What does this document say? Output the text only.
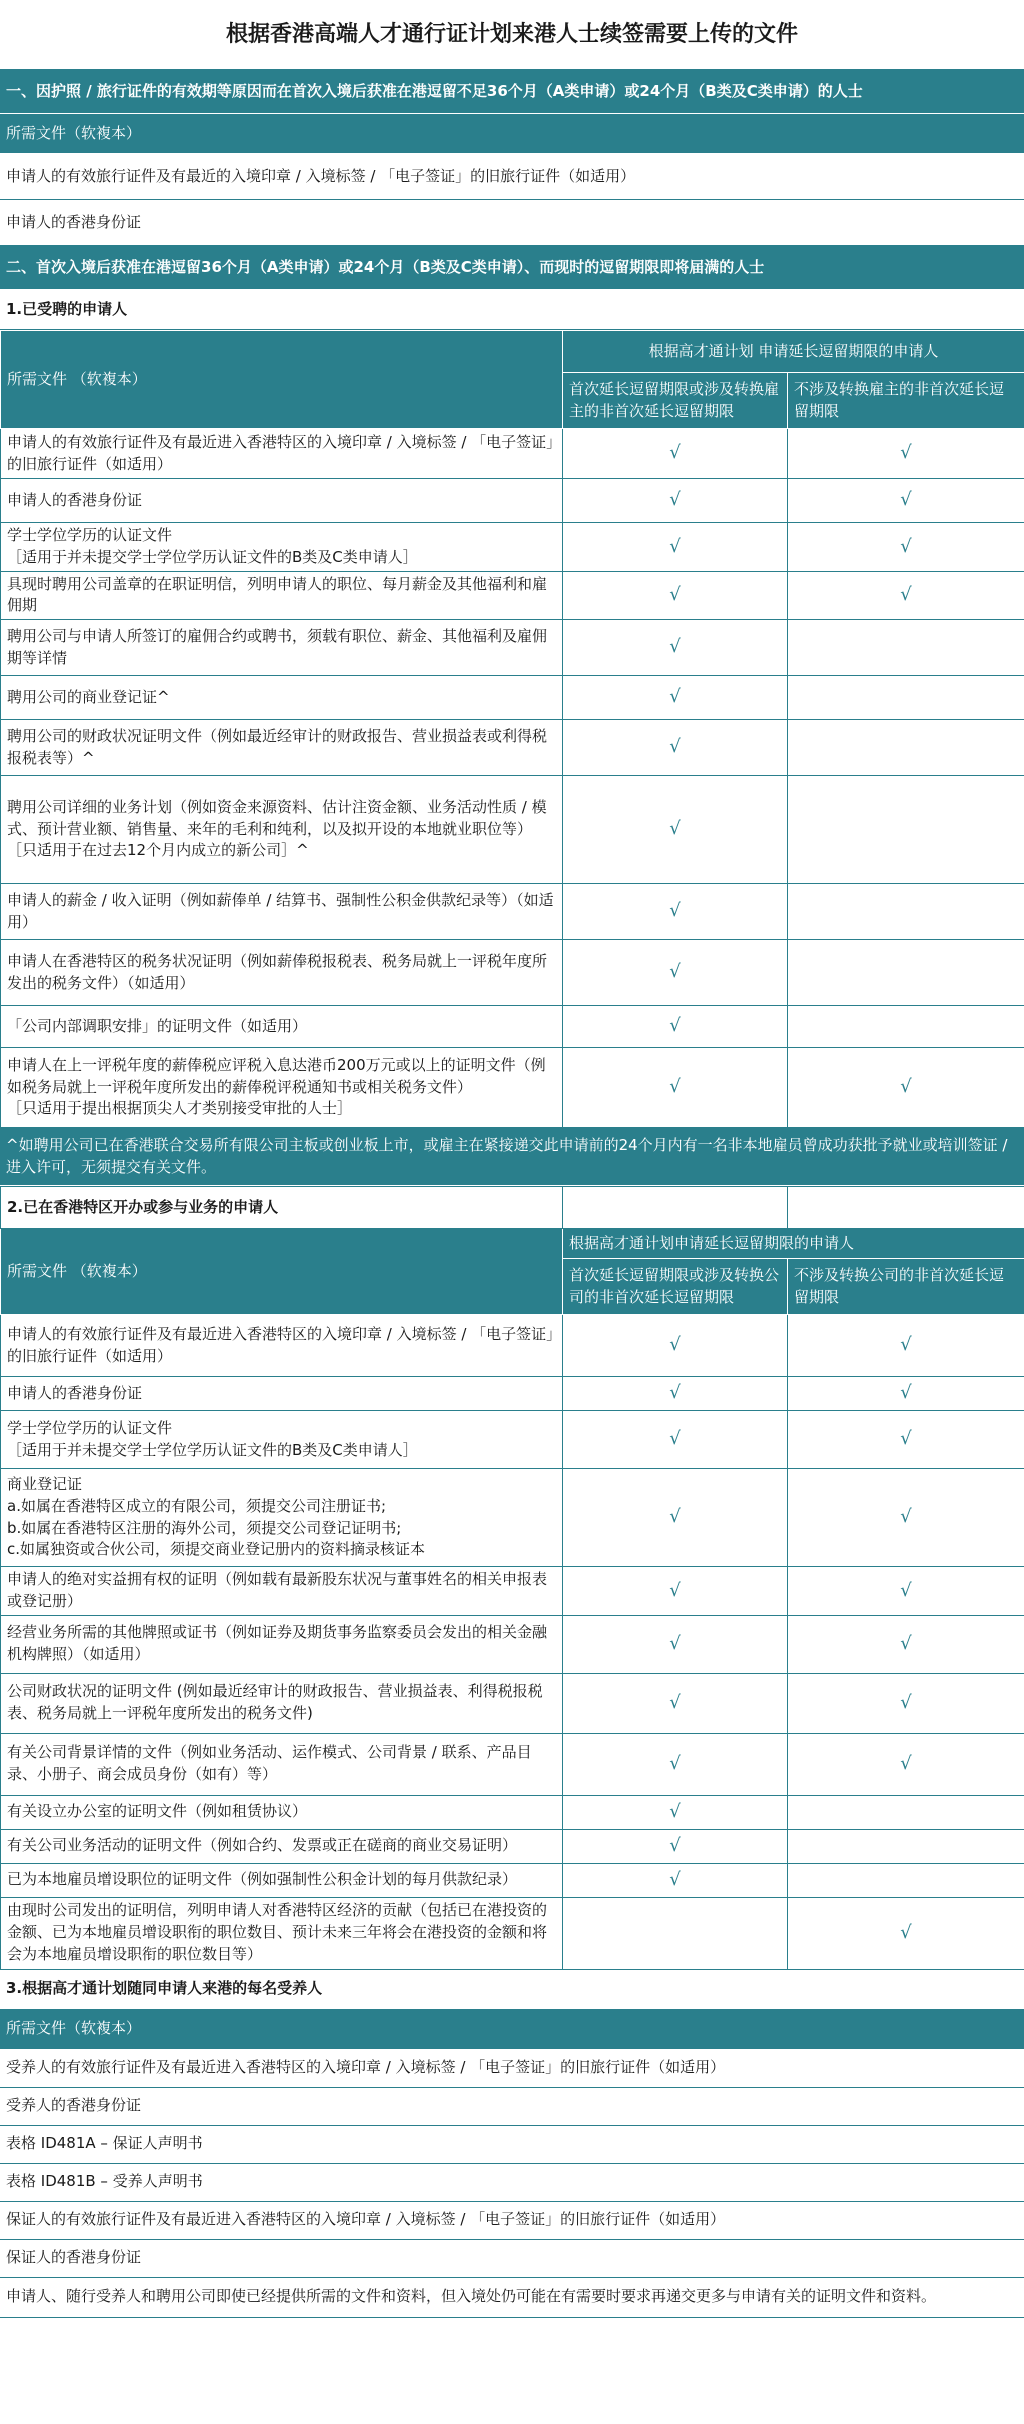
根据香港高端人才通行证计划来港人士续签需要上传的文件
一、因护照 / 旅行证件的有效期等原因而在首次入境后获准在港逗留不足36个月（A类申请）或24个月（B类及C类申请）的人士
所需文件（软複本）
申请人的有效旅行证件及有最近的入境印章 / 入境标签 / 「电子签证」的旧旅行证件（如适用）
申请人的香港身份证
二、首次入境后获准在港逗留36个月（A类申请）或24个月（B类及C类申请）、而现时的逗留期限即将届满的人士
1.已受聘的申请人
所需文件 （软複本）	根据高才通计划 申请延长逗留期限的申请人	
	首次延长逗留期限或涉及转换雇主的非首次延长逗留期限	不涉及转换雇主的非首次延长逗留期限
申请人的有效旅行证件及有最近进入香港特区的入境印章 / 入境标签 / 「电子签证」的旧旅行证件（如适用）	√	√
申请人的香港身份证	√	√
学士学位学历的认证文件
［适用于并未提交学士学位学历认证文件的B类及C类申请人］	√	√
具现时聘用公司盖章的在职证明信，列明申请人的职位、每月薪金及其他福利和雇佣期	√	√
聘用公司与申请人所签订的雇佣合约或聘书，须载有职位、薪金、其他福利及雇佣期等详情	√	
聘用公司的商业登记证^	√	
聘用公司的财政状况证明文件（例如最近经审计的财政报告、营业损益表或利得税报税表等）^	√	
聘用公司详细的业务计划（例如资金来源资料、估计注资金额、业务活动性质 / 模式、预计营业额、销售量、来年的毛利和纯利，以及拟开设的本地就业职位等）
［只适用于在过去12个月内成立的新公司］^	√	
申请人的薪金 / 收入证明（例如薪俸单 / 结算书、强制性公积金供款纪录等）（如适用）	√	
申请人在香港特区的税务状况证明（例如薪俸税报税表、税务局就上一评税年度所发出的税务文件）（如适用）	√	
「公司内部调职安排」的证明文件（如适用）	√	
申请人在上一评税年度的薪俸税应评税入息达港币200万元或以上的证明文件（例如税务局就上一评税年度所发出的薪俸税评税通知书或相关税务文件）
［只适用于提出根据顶尖人才类别接受审批的人士］	√	√
^如聘用公司已在香港联合交易所有限公司主板或创业板上市，或雇主在紧接递交此申请前的24个月内有一名非本地雇员曾成功获批予就业或培训签证 / 进入许可，无须提交有关文件。
2.已在香港特区开办或参与业务的申请人		
所需文件 （软複本）	根据高才通计划申请延长逗留期限的申请人	
	首次延长逗留期限或涉及转换公司的非首次延长逗留期限	不涉及转换公司的非首次延长逗留期限
申请人的有效旅行证件及有最近进入香港特区的入境印章 / 入境标签 / 「电子签证」的旧旅行证件（如适用）	√	√
申请人的香港身份证	√	√
学士学位学历的认证文件
［适用于并未提交学士学位学历认证文件的B类及C类申请人］	√	√
商业登记证
a.如属在香港特区成立的有限公司，须提交公司注册证书;
b.如属在香港特区注册的海外公司，须提交公司登记证明书;
c.如属独资或合伙公司，须提交商业登记册内的资料摘录核证本	√	√
申请人的绝对实益拥有权的证明（例如载有最新股东状况与董事姓名的相关申报表或登记册）	√	√
经营业务所需的其他牌照或证书（例如证券及期货事务监察委员会发出的相关金融机构牌照）（如适用）	√	√
公司财政状况的证明文件 (例如最近经审计的财政报告、营业损益表、利得税报税表、税务局就上一评税年度所发出的税务文件)	√	√
有关公司背景详情的文件（例如业务活动、运作模式、公司背景 / 联系、产品目录、小册子、商会成员身份（如有）等）	√	√
有关设立办公室的证明文件（例如租赁协议）	√	
有关公司业务活动的证明文件（例如合约、发票或正在磋商的商业交易证明）	√	
已为本地雇员增设职位的证明文件（例如强制性公积金计划的每月供款纪录）	√	
由现时公司发出的证明信，列明申请人对香港特区经济的贡献（包括已在港投资的金额、已为本地雇员增设职衔的职位数目、预计未来三年将会在港投资的金额和将会为本地雇员增设职衔的职位数目等）		√
3.根据高才通计划随同申请人来港的每名受养人
所需文件（软複本）
受养人的有效旅行证件及有最近进入香港特区的入境印章 / 入境标签 / 「电子签证」的旧旅行证件（如适用）
受养人的香港身份证
表格 ID481A – 保证人声明书
表格 ID481B – 受养人声明书
保证人的有效旅行证件及有最近进入香港特区的入境印章 / 入境标签 / 「电子签证」的旧旅行证件（如适用）
保证人的香港身份证
申请人、随行受养人和聘用公司即使已经提供所需的文件和资料，但入境处仍可能在有需要时要求再递交更多与申请有关的证明文件和资料。
